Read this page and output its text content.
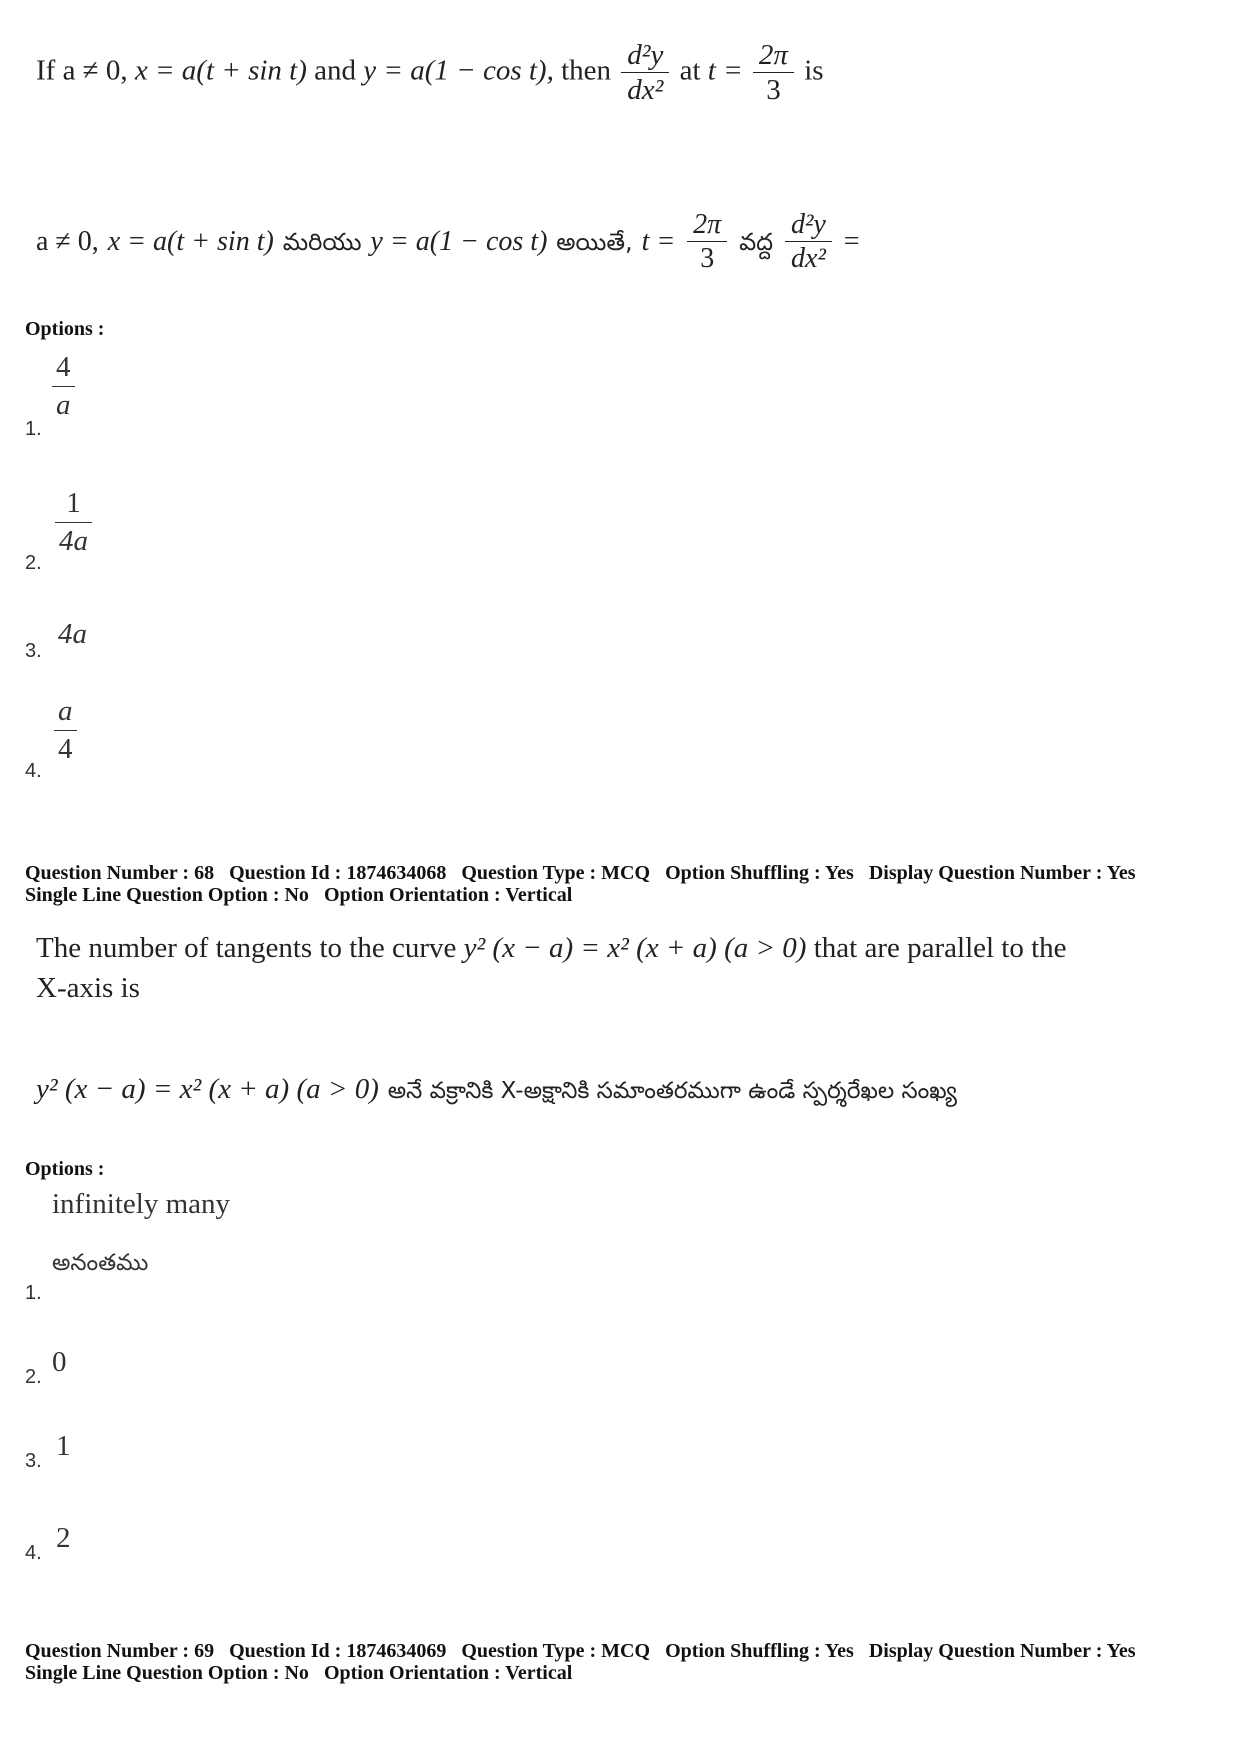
If a ≠ 0, x = a(t + sin t) and y = a(1 − cos t), then $\frac{\text{d²y}}{\text{dx²}}$ at $t = \frac{2\pi}{3}$ is
a ≠ 0, x = a(t + sin t) మరియు y = a(1 − cos t) అయితే, $t = \frac{2\pi}{3}$ వద్ద $\frac{\text{d²y}}{\text{dx²}}$ =
Options :
$\frac{4}{a}$
1.
$\frac{1}{4a}$
2.
4a
3.
$\frac{a}{4}$
4.
Question Number : 68 Question Id : 1874634068 Question Type : MCQ Option Shuffling : Yes Display Question Number : Yes
Single Line Question Option : No Option Orientation : Vertical
The number of tangents to the curve y² (x − a) = x² (x + a) (a > 0) that are parallel to the
X-axis is
y² (x − a) = x² (x + a) (a > 0) అనే వక్రానికి X-అక్షానికి సమాంతరముగా ఉండే స్పర్శరేఖల సంఖ్య
Options :
infinitely many
అనంతము
1.
0
2.
1
3.
2
4.
Question Number : 69 Question Id : 1874634069 Question Type : MCQ Option Shuffling : Yes Display Question Number : Yes
Single Line Question Option : No Option Orientation : Vertical
